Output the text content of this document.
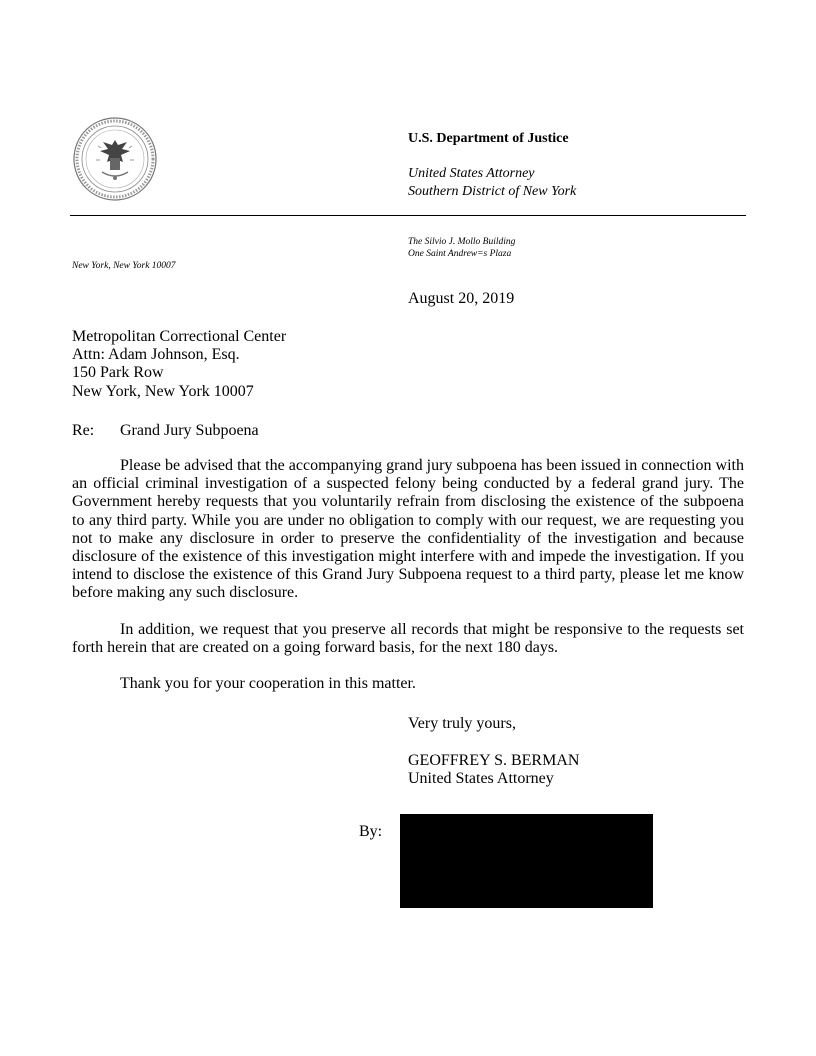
U.S. Department of Justice
United States Attorney
Southern District of New York
The Silvio J. Mollo Building
One Saint Andrew=s Plaza
New York, New York 10007
August 20, 2019
Metropolitan Correctional Center
Attn: Adam Johnson, Esq.
150 Park Row
New York, New York 10007
Re: Grand Jury Subpoena

Please be advised that the accompanying grand jury subpoena has been issued in connection with an official criminal investigation of a suspected felony being conducted by a federal grand jury. The Government hereby requests that you voluntarily refrain from disclosing the existence of the subpoena to any third party. While you are under no obligation to comply with our request, we are requesting you not to make any disclosure in order to preserve the confidentiality of the investigation and because disclosure of the existence of this investigation might interfere with and impede the investigation. If you intend to disclose the existence of this Grand Jury Subpoena request to a third party, please let me know before making any such disclosure.

In addition, we request that you preserve all records that might be responsive to the requests set forth herein that are created on a going forward basis, for the next 180 days.

Thank you for your cooperation in this matter.

Very truly yours,
GEOFFREY S. BERMAN
United States Attorney
By:
